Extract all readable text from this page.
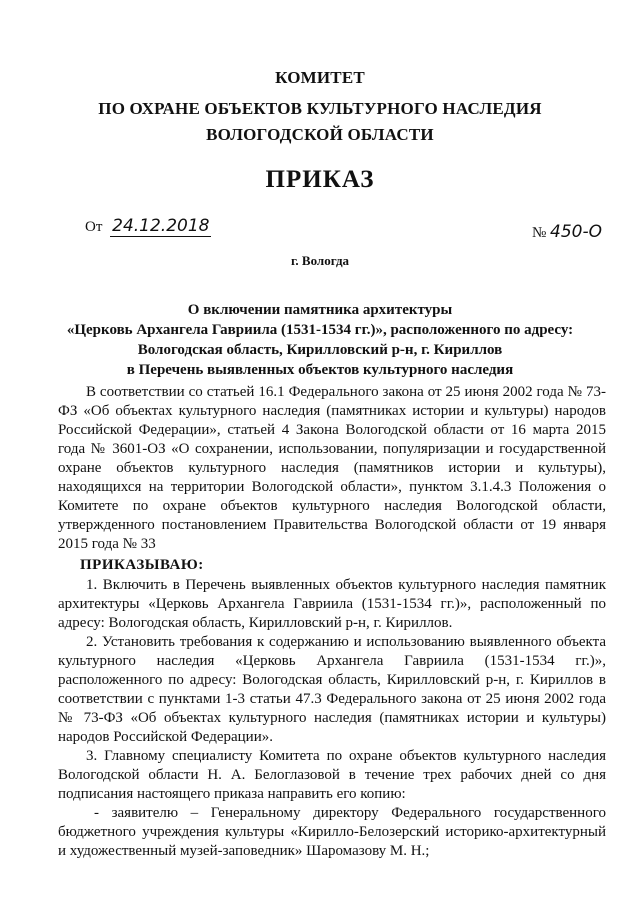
КОМИТЕТ
ПО ОХРАНЕ ОБЪЕКТОВ КУЛЬТУРНОГО НАСЛЕДИЯ
ВОЛОГОДСКОЙ ОБЛАСТИ
ПРИКАЗ
От 24.12.2018	№ 450-О
г. Вологда
О включении памятника архитектуры
«Церковь Архангела Гавриила (1531-1534 гг.)», расположенного по адресу:
Вологодская область, Кирилловский р-н, г. Кириллов
в Перечень выявленных объектов культурного наследия

В соответствии со статьей 16.1 Федерального закона от 25 июня 2002 года № 73-ФЗ «Об объектах культурного наследия (памятниках истории и культуры) народов Российской Федерации», статьей 4 Закона Вологодской области от 16 марта 2015 года № 3601-ОЗ «О сохранении, использовании, популяризации и государственной охране объектов культурного наследия (памятников истории и культуры), находящихся на территории Вологодской области», пунктом 3.1.4.3 Положения о Комитете по охране объектов культурного наследия Вологодской области, утвержденного постановлением Правительства Вологодской области от 19 января 2015 года № 33

ПРИКАЗЫВАЮ:

1. Включить в Перечень выявленных объектов культурного наследия памятник архитектуры «Церковь Архангела Гавриила (1531-1534 гг.)», расположенный по адресу: Вологодская область, Кирилловский р-н, г. Кириллов.

2. Установить требования к содержанию и использованию выявленного объекта культурного наследия «Церковь Архангела Гавриила (1531-1534 гг.)», расположенного по адресу: Вологодская область, Кирилловский р-н, г. Кириллов в соответствии с пунктами 1-3 статьи 47.3 Федерального закона от 25 июня 2002 года № 73-ФЗ «Об объектах культурного наследия (памятниках истории и культуры) народов Российской Федерации».

3. Главному специалисту Комитета по охране объектов культурного наследия Вологодской области Н. А. Белоглазовой в течение трех рабочих дней со дня подписания настоящего приказа направить его копию:

- заявителю – Генеральному директору Федерального государственного бюджетного учреждения культуры «Кирилло-Белозерский историко-архитектурный и художественный музей-заповедник» Шаромазову М. Н.;
